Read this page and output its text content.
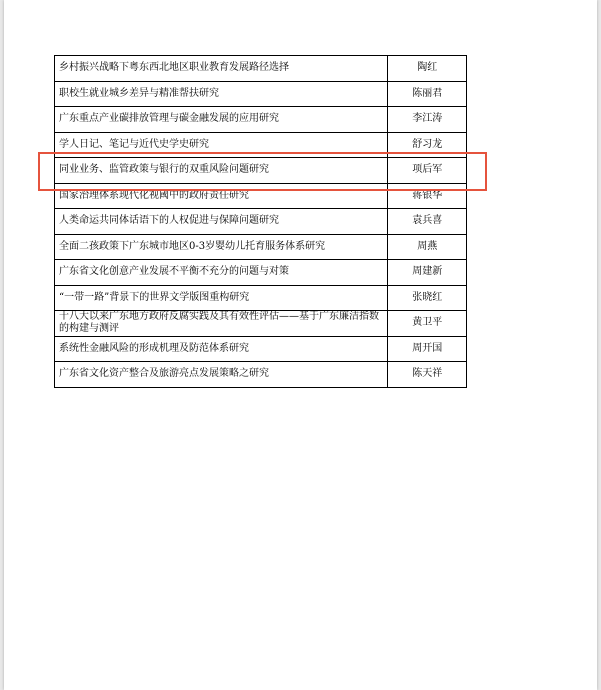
乡村振兴战略下粤东西北地区职业教育发展路径选择	陶红
职校生就业城乡差异与精准帮扶研究	陈丽君
广东重点产业碳排放管理与碳金融发展的应用研究	李江涛
学人日记、笔记与近代史学史研究	舒习龙
同业业务、监管政策与银行的双重风险问题研究	项后军
国家治理体系现代化视阈中的政府责任研究	蒋银华
人类命运共同体话语下的人权促进与保障问题研究	袁兵喜
全面二孩政策下广东城市地区0-3岁婴幼儿托育服务体系研究	周燕
广东省文化创意产业发展不平衡不充分的问题与对策	周建新
“一带一路”背景下的世界文学版图重构研究	张晓红
十八大以来广东地方政府反腐实践及其有效性评估——基于广东廉洁指数的构建与测评	黄卫平
系统性金融风险的形成机理及防范体系研究	周开国
广东省文化资产整合及旅游亮点发展策略之研究	陈天祥
